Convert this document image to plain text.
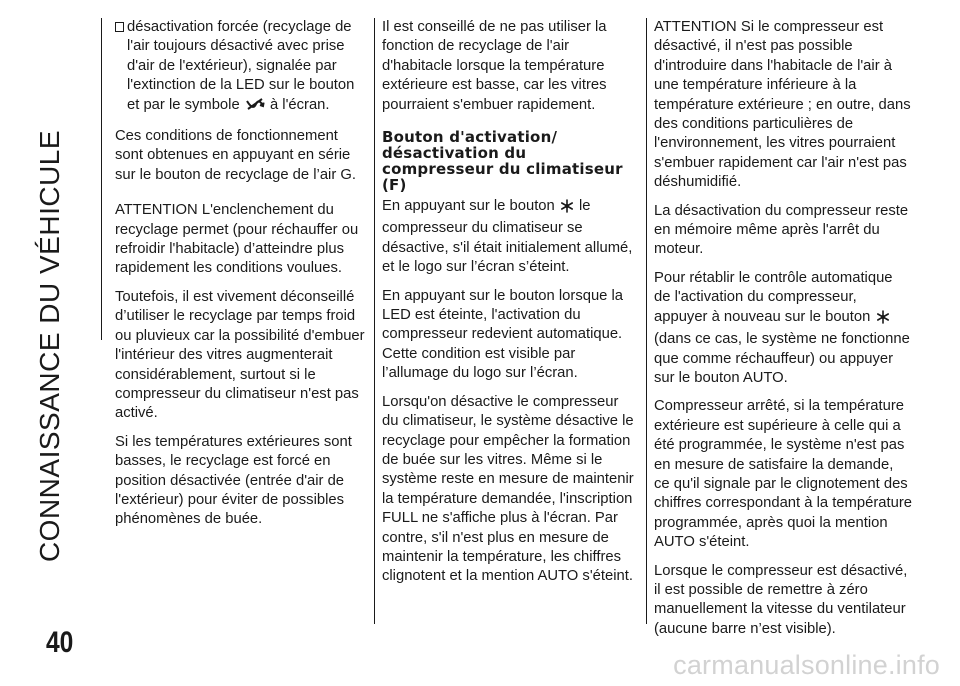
CONNAISSANCE DU VÉHICULE
40
désactivation forcée (recyclage de l'air toujours désactivé avec prise d'air de l'extérieur), signalée par l'extinction de la LED sur le bouton et par le symbole à l'écran.

Ces conditions de fonctionnement sont obtenues en appuyant en série sur le bouton de recyclage de l’air G.

ATTENTION L'enclenchement du recyclage permet (pour réchauffer ou refroidir l'habitacle) d’atteindre plus rapidement les conditions voulues.

Toutefois, il est vivement déconseillé d’utiliser le recyclage par temps froid ou pluvieux car la possibilité d'embuer l'intérieur des vitres augmenterait considérablement, surtout si le compresseur du climatiseur n'est pas activé.

Si les températures extérieures sont basses, le recyclage est forcé en position désactivée (entrée d'air de l'extérieur) pour éviter de possibles phénomènes de buée.

Il est conseillé de ne pas utiliser la fonction de recyclage de l'air d'habitacle lorsque la température extérieure est basse, car les vitres pourraient s'embuer rapidement.

Bouton d'activation/ désactivation du compresseur du climatiseur (F)

En appuyant sur le bouton le compresseur du climatiseur se désactive, s'il était initialement allumé, et le logo sur l’écran s’éteint.

En appuyant sur le bouton lorsque la LED est éteinte, l'activation du compresseur redevient automatique. Cette condition est visible par l’allumage du logo sur l’écran.

Lorsqu'on désactive le compresseur du climatiseur, le système désactive le recyclage pour empêcher la formation de buée sur les vitres. Même si le système reste en mesure de maintenir la température demandée, l'inscription FULL ne s'affiche plus à l'écran. Par contre, s'il n'est plus en mesure de maintenir la température, les chiffres clignotent et la mention AUTO s'éteint.

ATTENTION Si le compresseur est désactivé, il n'est pas possible d'introduire dans l'habitacle de l'air à une température inférieure à la température extérieure ; en outre, dans des conditions particulières de l'environnement, les vitres pourraient s'embuer rapidement car l'air n'est pas déshumidifié.

La désactivation du compresseur reste en mémoire même après l'arrêt du moteur.

Pour rétablir le contrôle automatique de l'activation du compresseur, appuyer à nouveau sur le bouton  (dans ce cas, le système ne fonctionne que comme réchauffeur) ou appuyer sur le bouton AUTO.

Compresseur arrêté, si la température extérieure est supérieure à celle qui a été programmée, le système n'est pas en mesure de satisfaire la demande, ce qu'il signale par le clignotement des chiffres correspondant à la température programmée, après quoi la mention AUTO s'éteint.

Lorsque le compresseur est désactivé, il est possible de remettre à zéro manuellement la vitesse du ventilateur (aucune barre n’est visible).

carmanualsonline.info
